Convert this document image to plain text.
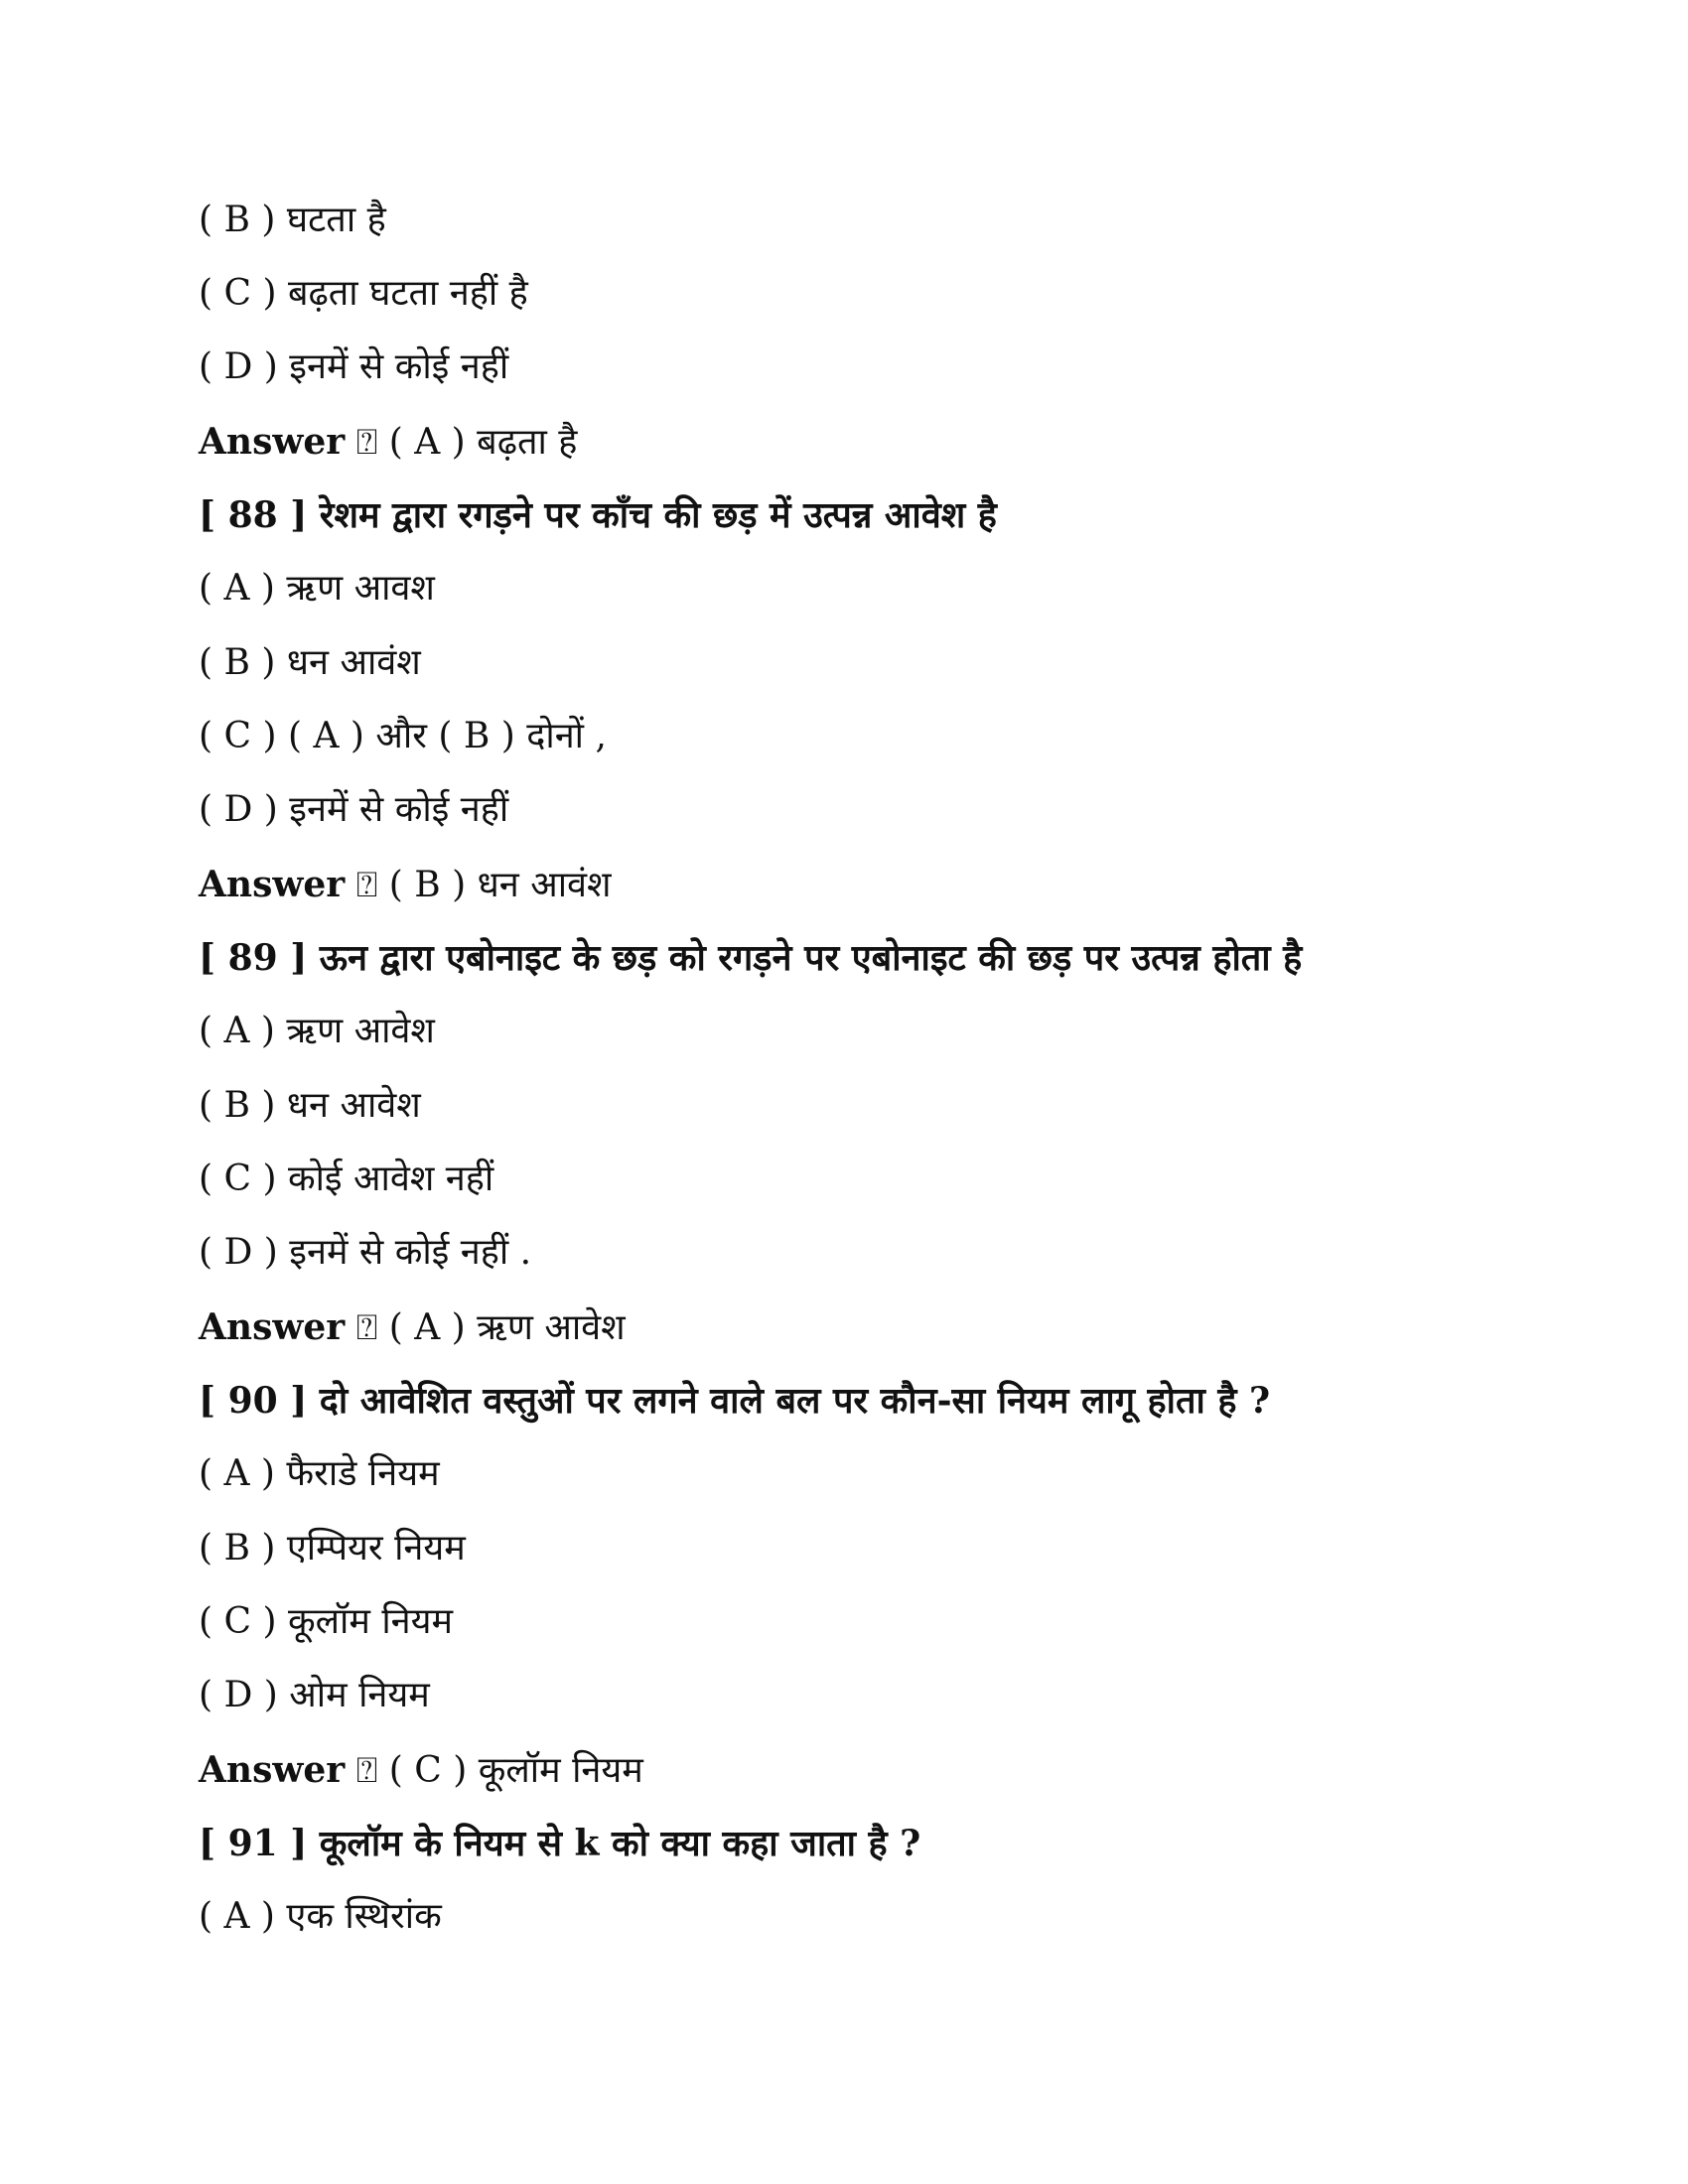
( B ) घटता है
( C ) बढ़ता घटता नहीं है
( D ) इनमें से कोई नहीं
Answer ⍰ ( A ) बढ़ता है
[ 88 ] रेशम द्वारा रगड़ने पर काँच की छड़ में उत्पन्न आवेश है
( A ) ऋण आवश
( B ) धन आवंश
( C ) ( A ) और ( B ) दोनों ,
( D ) इनमें से कोई नहीं
Answer ⍰ ( B ) धन आवंश
[ 89 ] ऊन द्वारा एबोनाइट के छड़ को रगड़ने पर एबोनाइट की छड़ पर उत्पन्न होता है
( A ) ऋण आवेश
( B ) धन आवेश
( C ) कोई आवेश नहीं
( D ) इनमें से कोई नहीं .
Answer ⍰ ( A ) ऋण आवेश
[ 90 ] दो आवेशित वस्तुओं पर लगने वाले बल पर कौन-सा नियम लागू होता है ?
( A ) फैराडे नियम
( B ) एम्पियर नियम
( C ) कूलॉम नियम
( D ) ओम नियम
Answer ⍰ ( C ) कूलॉम नियम
[ 91 ] कूलॉम के नियम से k को क्या कहा जाता है ?
( A ) एक स्थिरांक
